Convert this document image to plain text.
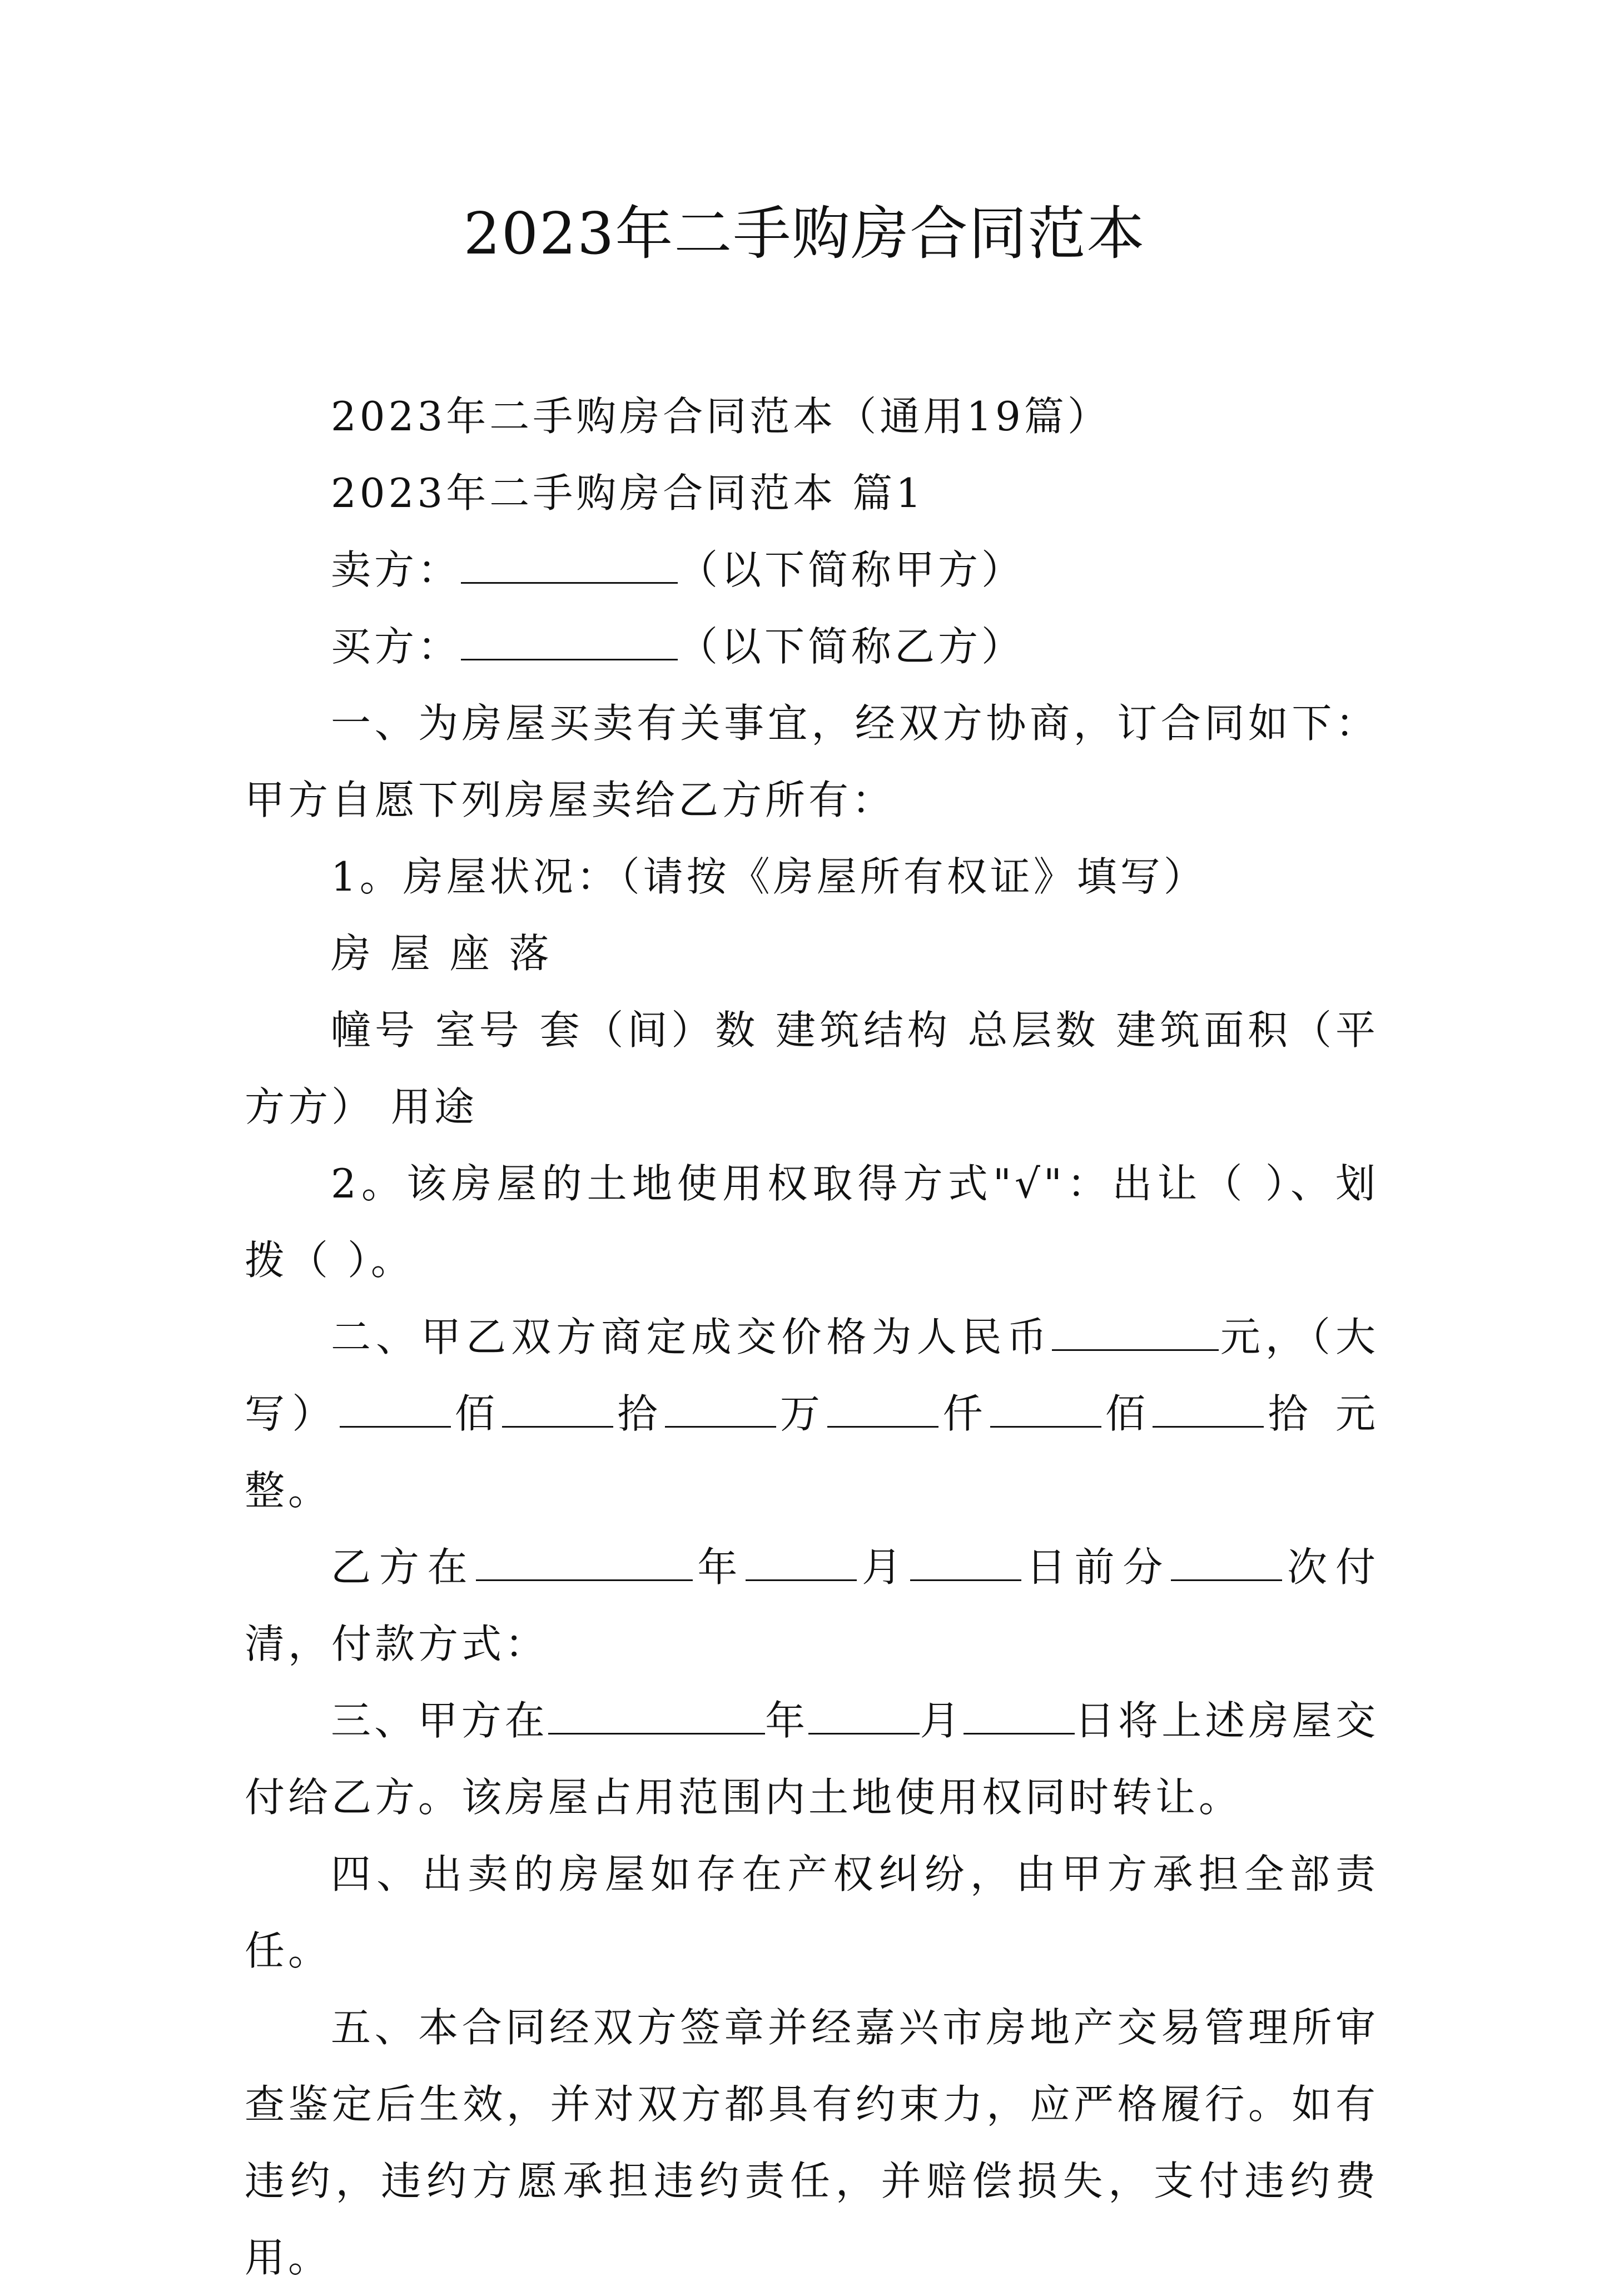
2023年二手购房合同范本

2023年二手购房合同范本（通用19篇）

2023年二手购房合同范本 篇1

卖方：	（以下简称甲方）

买方：	（以下简称乙方）

一、为房屋买卖有关事宜，经双方协商，订合同如下：甲方自愿下列房屋卖给乙方所有：

1。房屋状况：（请按《房屋所有权证》填写）

房 屋 座 落

幢号 室号 套（间）数 建筑结构 总层数 建筑面积（平方方） 用途

2。该房屋的土地使用权取得方式"√"：出让（ ）、划拨（ ）。

二、甲乙双方商定成交价格为人民币	元，（大写）	佰	拾	万	仟	佰	拾 元整。

乙方在	年	月	日前分	次付清，付款方式：

三、甲方在	年	月	日将上述房屋交付给乙方。该房屋占用范围内土地使用权同时转让。

四、出卖的房屋如存在产权纠纷，由甲方承担全部责任。

五、本合同经双方签章并经嘉兴市房地产交易管理所审查鉴定后生效，并对双方都具有约束力，应严格履行。如有违约，违约方愿承担违约责任，并赔偿损失，支付违约费用。
